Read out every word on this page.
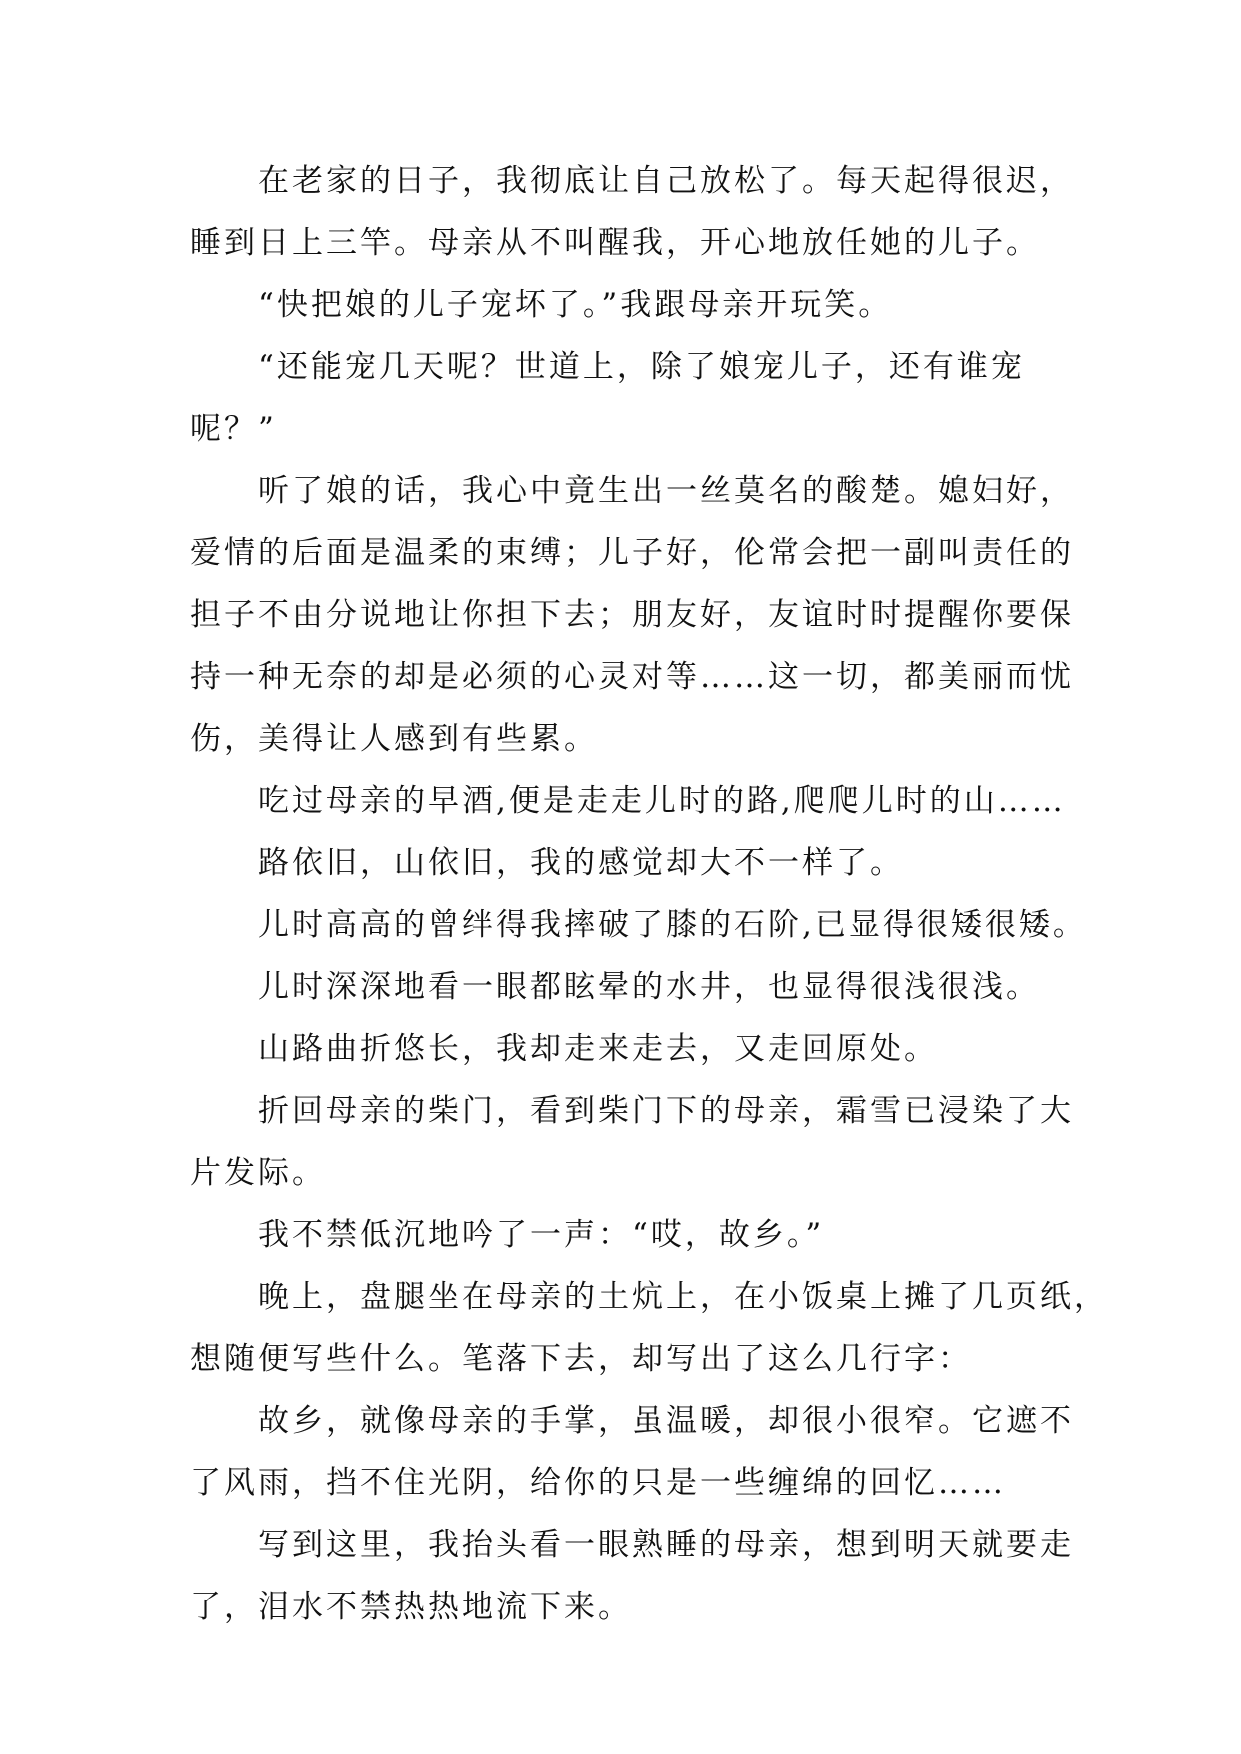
在老家的日子，我彻底让自己放松了。每天起得很迟，
睡到日上三竿。母亲从不叫醒我，开心地放任她的儿子。
“快把娘的儿子宠坏了。”我跟母亲开玩笑。
“还能宠几天呢？世道上，除了娘宠儿子，还有谁宠
呢？”
听了娘的话，我心中竟生出一丝莫名的酸楚。媳妇好，
爱情的后面是温柔的束缚；儿子好，伦常会把一副叫责任的
担子不由分说地让你担下去；朋友好，友谊时时提醒你要保
持一种无奈的却是必须的心灵对等……这一切，都美丽而忧
伤，美得让人感到有些累。
吃过母亲的早酒,便是走走儿时的路,爬爬儿时的山……
路依旧，山依旧，我的感觉却大不一样了。
儿时高高的曾绊得我摔破了膝的石阶,已显得很矮很矮。
儿时深深地看一眼都眩晕的水井，也显得很浅很浅。
山路曲折悠长，我却走来走去，又走回原处。
折回母亲的柴门，看到柴门下的母亲，霜雪已浸染了大
片发际。
我不禁低沉地吟了一声：“哎，故乡。”
晚上，盘腿坐在母亲的土炕上，在小饭桌上摊了几页纸，
想随便写些什么。笔落下去，却写出了这么几行字：
故乡，就像母亲的手掌，虽温暖，却很小很窄。它遮不
了风雨，挡不住光阴，给你的只是一些缠绵的回忆……
写到这里，我抬头看一眼熟睡的母亲，想到明天就要走
了，泪水不禁热热地流下来。
